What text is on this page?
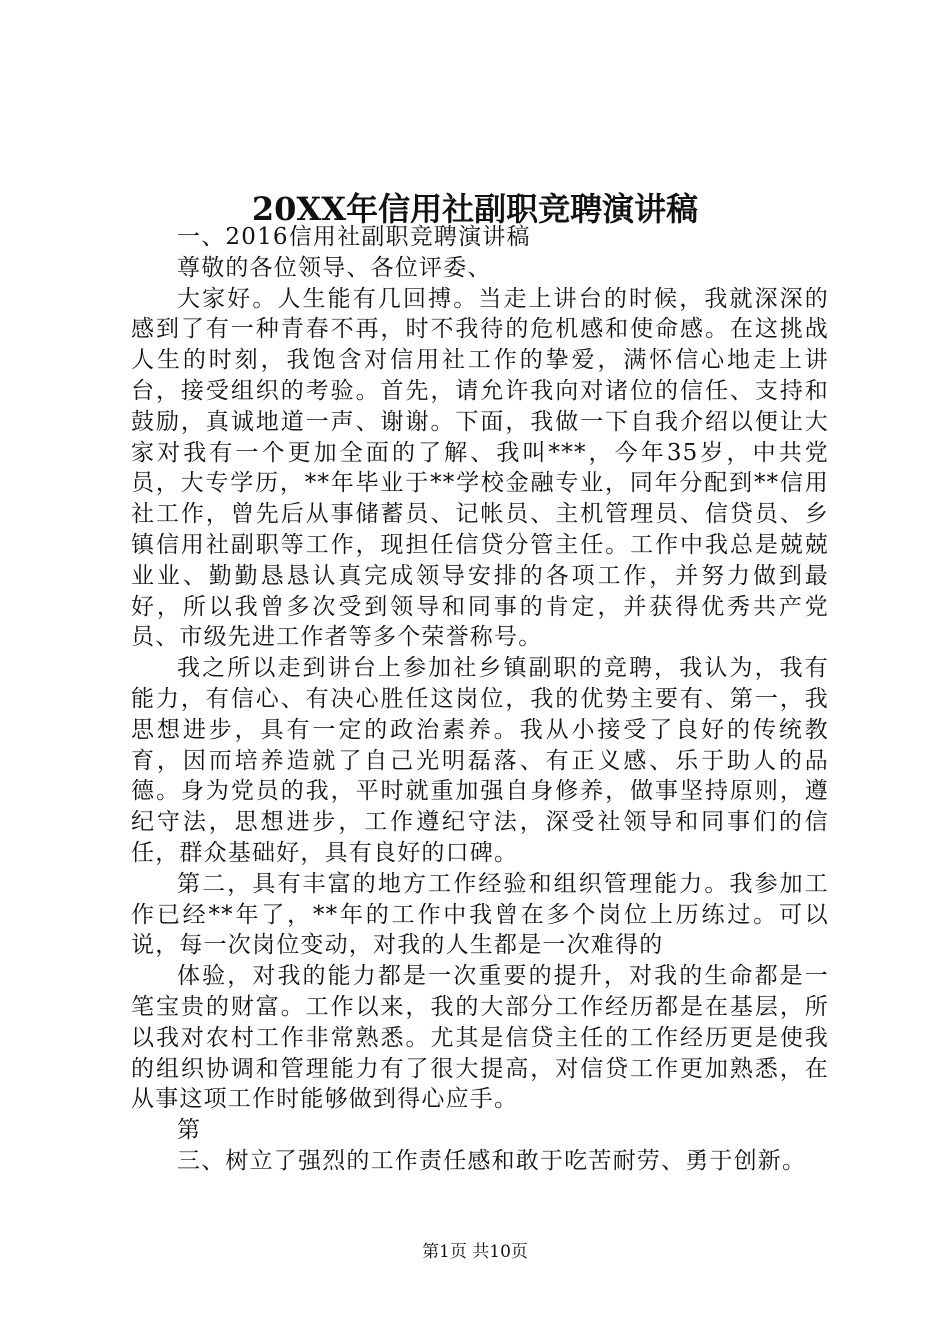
20XX年信用社副职竞聘演讲稿

一、2016信用社副职竞聘演讲稿

尊敬的各位领导、各位评委、

大家好。人生能有几回搏。当走上讲台的时候，我就深深的感到了有一种青春不再，时不我待的危机感和使命感。在这挑战人生的时刻，我饱含对信用社工作的挚爱，满怀信心地走上讲台，接受组织的考验。首先，请允许我向对诸位的信任、支持和鼓励，真诚地道一声、谢谢。下面，我做一下自我介绍以便让大家对我有一个更加全面的了解、我叫***，今年35岁，中共党员，大专学历，**年毕业于**学校金融专业，同年分配到**信用社工作，曾先后从事储蓄员、记帐员、主机管理员、信贷员、乡镇信用社副职等工作，现担任信贷分管主任。工作中我总是兢兢业业、勤勤恳恳认真完成领导安排的各项工作，并努力做到最好，所以我曾多次受到领导和同事的肯定，并获得优秀共产党员、市级先进工作者等多个荣誉称号。

我之所以走到讲台上参加社乡镇副职的竞聘，我认为，我有能力，有信心、有决心胜任这岗位，我的优势主要有、第一，我思想进步，具有一定的政治素养。我从小接受了良好的传统教育，因而培养造就了自己光明磊落、有正义感、乐于助人的品德。身为党员的我，平时就重加强自身修养，做事坚持原则，遵纪守法，思想进步，工作遵纪守法，深受社领导和同事们的信任，群众基础好，具有良好的口碑。

第二，具有丰富的地方工作经验和组织管理能力。我参加工作已经**年了，**年的工作中我曾在多个岗位上历练过。可以说，每一次岗位变动，对我的人生都是一次难得的

体验，对我的能力都是一次重要的提升，对我的生命都是一笔宝贵的财富。工作以来，我的大部分工作经历都是在基层，所以我对农村工作非常熟悉。尤其是信贷主任的工作经历更是使我的组织协调和管理能力有了很大提高，对信贷工作更加熟悉，在从事这项工作时能够做到得心应手。

第

三、树立了强烈的工作责任感和敢于吃苦耐劳、勇于创新。

第1页 共10页
